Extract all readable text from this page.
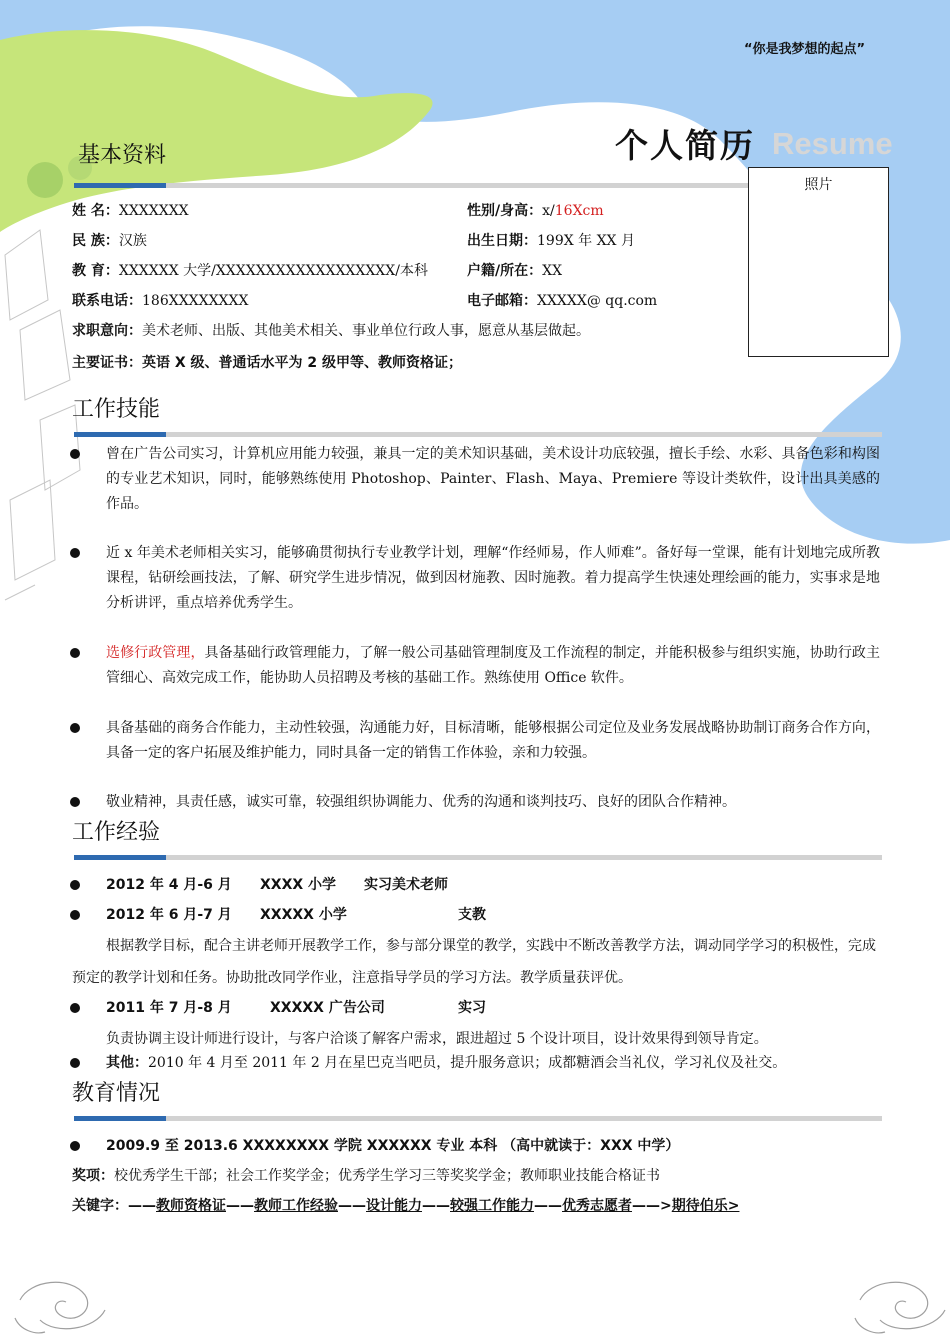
“你是我梦想的起点”
个人简历 Resume
基本资料
照片
姓 名：XXXXXXX	性别/身高：x/16Xcm
民 族：汉族	出生日期：199X 年 XX 月
教 育：XXXXXX 大学/XXXXXXXXXXXXXXXXXX/本科	户籍/所在：XX
联系电话：186XXXXXXXX	电子邮箱：XXXXX@ qq.com
求职意向：美术老师、出版、其他美术相关、事业单位行政人事，愿意从基层做起。
主要证书：英语 X 级、普通话水平为 2 级甲等、教师资格证；
工作技能
曾在广告公司实习，计算机应用能力较强，兼具一定的美术知识基础，美术设计功底较强，擅长手绘、水彩、具备色彩和构图的专业艺术知识，同时，能够熟练使用 Photoshop、Painter、Flash、Maya、Premiere 等设计类软件，设计出具美感的作品。
近 x 年美术老师相关实习，能够确贯彻执行专业教学计划，理解“作经师易，作人师难”。备好每一堂课，能有计划地完成所教课程，钻研绘画技法，了解、研究学生进步情况，做到因材施教、因时施教。着力提高学生快速处理绘画的能力，实事求是地分析讲评，重点培养优秀学生。
选修行政管理，具备基础行政管理能力，了解一般公司基础管理制度及工作流程的制定，并能积极参与组织实施，协助行政主管细心、高效完成工作，能协助人员招聘及考核的基础工作。熟练使用 Office 软件。
具备基础的商务合作能力，主动性较强，沟通能力好，目标清晰，能够根据公司定位及业务发展战略协助制订商务合作方向，具备一定的客户拓展及维护能力，同时具备一定的销售工作体验，亲和力较强。
敬业精神，具责任感，诚实可靠，较强组织协调能力、优秀的沟通和谈判技巧、良好的团队合作精神。
工作经验
2012 年 4 月-6 月 XXXX 小学 实习美术老师
2012 年 6 月-7 月 XXXXX 小学	支教
根据教学目标，配合主讲老师开展教学工作，参与部分课堂的教学，实践中不断改善教学方法，调动同学学习的积极性，完成预定的教学计划和任务。协助批改同学作业，注意指导学员的学习方法。教学质量获评优。
2011 年 7 月-8 月	XXXXX 广告公司	实习
负责协调主设计师进行设计，与客户洽谈了解客户需求，跟进超过 5 个设计项目，设计效果得到领导肯定。
其他：2010 年 4 月至 2011 年 2 月在星巴克当吧员，提升服务意识；成都糖酒会当礼仪，学习礼仪及社交。
教育情况
2009.9 至 2013.6 XXXXXXXX 学院 XXXXXX 专业 本科 （高中就读于：XXX 中学）
奖项：校优秀学生干部；社会工作奖学金；优秀学生学习三等奖奖学金；教师职业技能合格证书
关键字：——教师资格证——教师工作经验——设计能力——较强工作能力——优秀志愿者——>期待伯乐>
